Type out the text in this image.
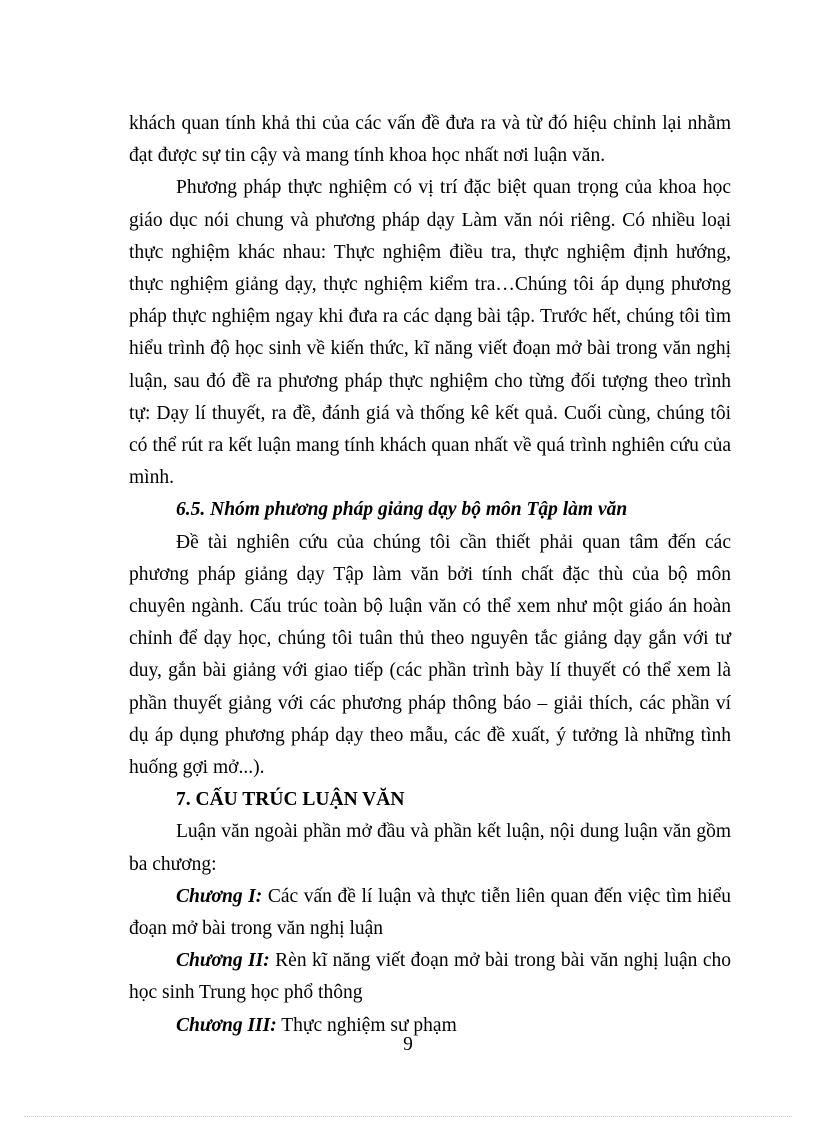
khách quan tính khả thi của các vấn đề đưa ra và từ đó hiệu chỉnh lại nhằm đạt được sự tin cậy và mang tính khoa học nhất nơi luận văn.

Phương pháp thực nghiệm có vị trí đặc biệt quan trọng của khoa học giáo dục nói chung và phương pháp dạy Làm văn nói riêng. Có nhiều loại thực nghiệm khác nhau: Thực nghiệm điều tra, thực nghiệm định hướng, thực nghiệm giảng dạy, thực nghiệm kiểm tra…Chúng tôi áp dụng phương pháp thực nghiệm ngay khi đưa ra các dạng bài tập. Trước hết, chúng tôi tìm hiểu trình độ học sinh về kiến thức, kĩ năng viết đoạn mở bài trong văn nghị luận, sau đó đề ra phương pháp thực nghiệm cho từng đối tượng theo trình tự: Dạy lí thuyết, ra đề, đánh giá và thống kê kết quả. Cuối cùng, chúng tôi có thể rút ra kết luận mang tính khách quan nhất về quá trình nghiên cứu của mình.

6.5. Nhóm phương pháp giảng dạy bộ môn Tập làm văn

Đề tài nghiên cứu của chúng tôi cần thiết phải quan tâm đến các phương pháp giảng dạy Tập làm văn bởi tính chất đặc thù của bộ môn chuyên ngành. Cấu trúc toàn bộ luận văn có thể xem như một giáo án hoàn chỉnh để dạy học, chúng tôi tuân thủ theo nguyên tắc giảng dạy gắn với tư duy, gắn bài giảng với giao tiếp (các phần trình bày lí thuyết có thể xem là phần thuyết giảng với các phương pháp thông báo – giải thích, các phần ví dụ áp dụng phương pháp dạy theo mẫu, các đề xuất, ý tưởng là những tình huống gợi mở...).

7. CẤU TRÚC LUẬN VĂN

Luận văn ngoài phần mở đầu và phần kết luận, nội dung luận văn gồm ba chương:

Chương I: Các vấn đề lí luận và thực tiễn liên quan đến việc tìm hiểu đoạn mở bài trong văn nghị luận

Chương II: Rèn kĩ năng viết đoạn mở bài trong bài văn nghị luận cho học sinh Trung học phổ thông

Chương III: Thực nghiệm sư phạm

9
